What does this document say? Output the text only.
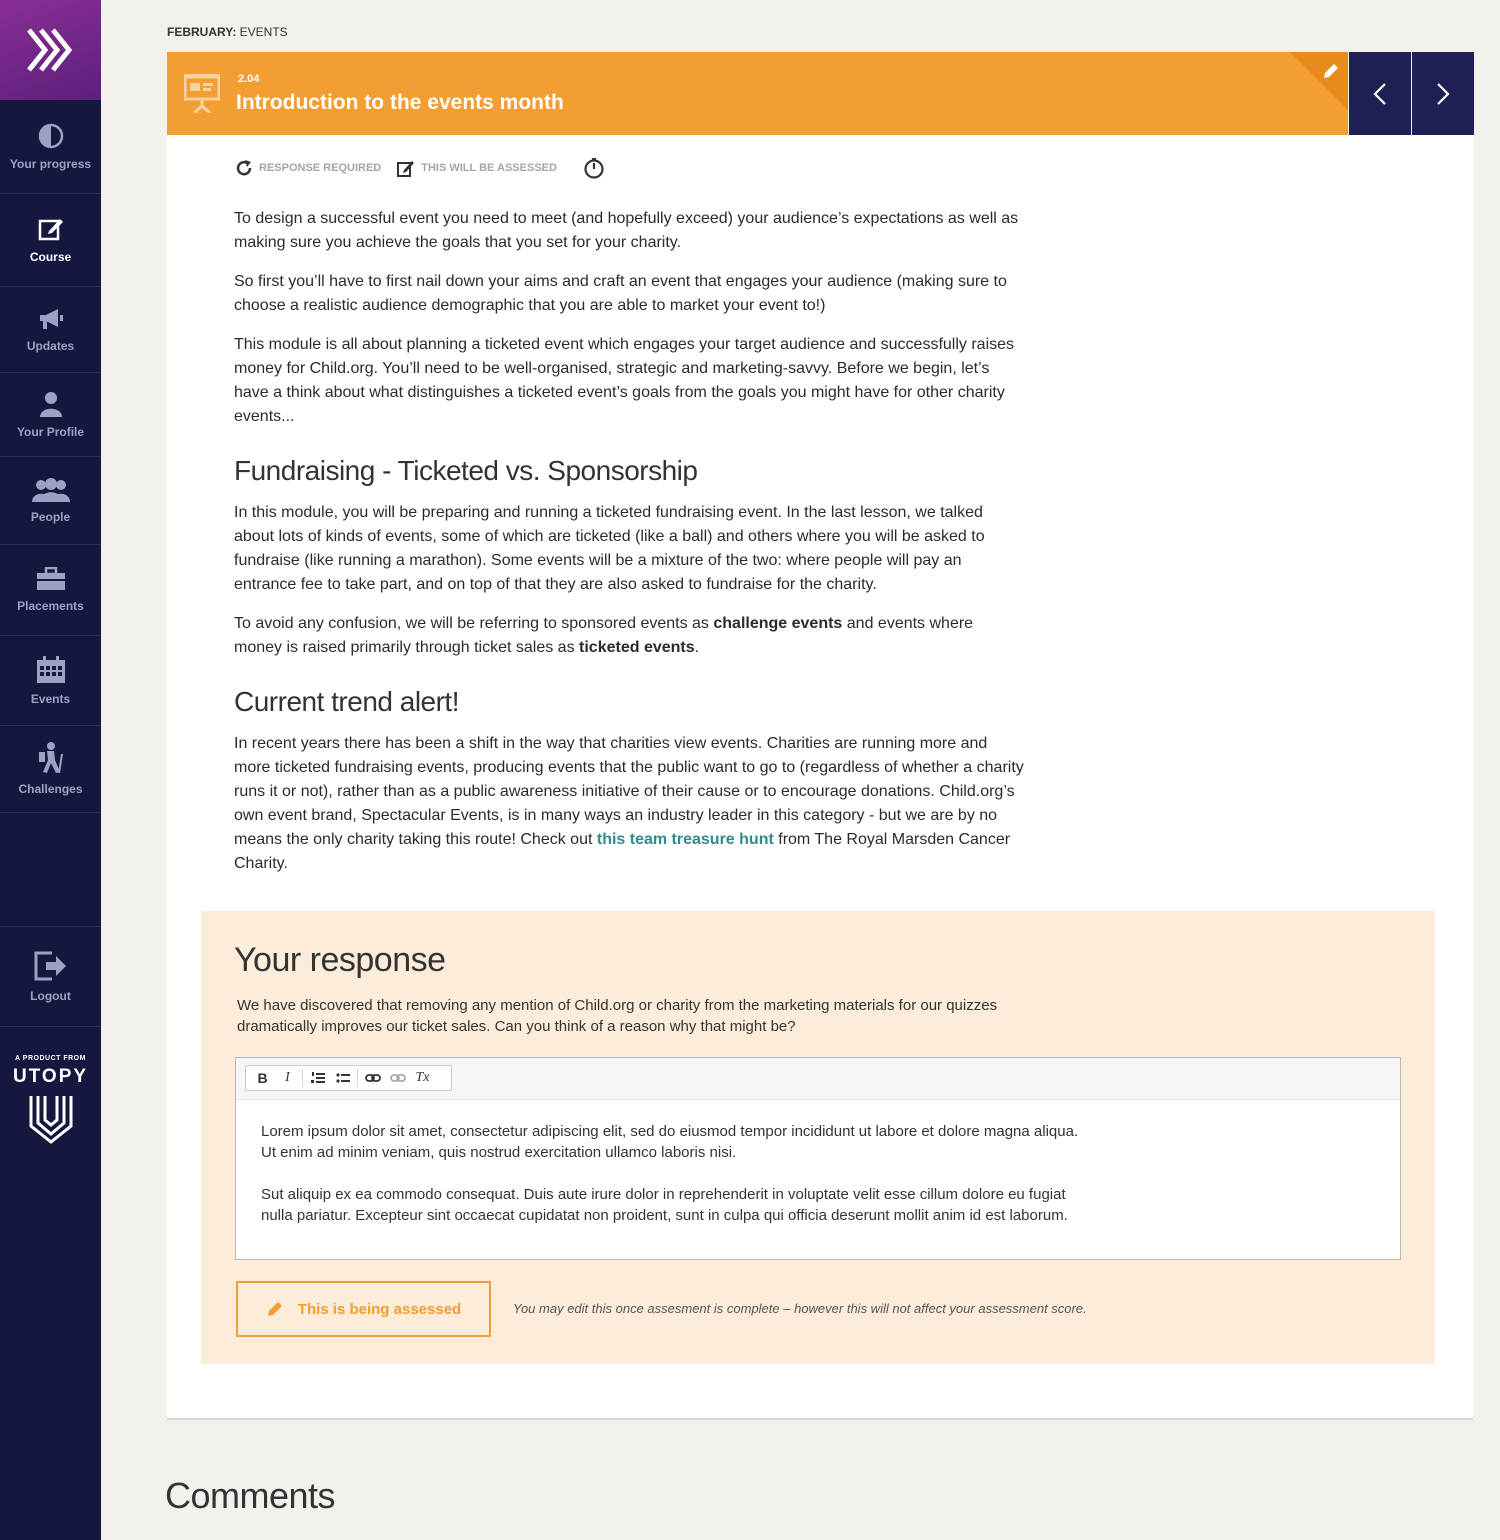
Your progress
Course
Updates
Your Profile
People
Placements
Events
Challenges
Logout
A PRODUCT FROM
UTOPY
FEBRUARY: EVENTS
2.04
Introduction to the events month
RESPONSE REQUIRED	THIS WILL BE ASSESSED

To design a successful event you need to meet (and hopefully exceed) your audience’s expectations as well as making sure you achieve the goals that you set for your charity.

So first you’ll have to first nail down your aims and craft an event that engages your audience (making sure to choose a realistic audience demographic that you are able to market your event to!)

This module is all about planning a ticketed event which engages your target audience and successfully raises money for Child.org. You’ll need to be well-organised, strategic and marketing-savvy. Before we begin, let’s have a think about what distinguishes a ticketed event’s goals from the goals you might have for other charity events...

Fundraising - Ticketed vs. Sponsorship

In this module, you will be preparing and running a ticketed fundraising event. In the last lesson, we talked about lots of kinds of events, some of which are ticketed (like a ball) and others where you will be asked to fundraise (like running a marathon). Some events will be a mixture of the two: where people will pay an entrance fee to take part, and on top of that they are also asked to fundraise for the charity.

To avoid any confusion, we will be referring to sponsored events as challenge events and events where money is raised primarily through ticket sales as ticketed events.

Current trend alert!

In recent years there has been a shift in the way that charities view events. Charities are running more and more ticketed fundraising events, producing events that the public want to go to (regardless of whether a charity runs it or not), rather than as a public awareness initiative of their cause or to encourage donations. Child.org’s own event brand, Spectacular Events, is in many ways an industry leader in this category - but we are by no means the only charity taking this route! Check out this team treasure hunt from The Royal Marsden Cancer Charity.

Your response
We have discovered that removing any mention of Child.org or charity from the marketing materials for our quizzes dramatically improves our ticket sales. Can you think of a reason why that might be?
B	I	Tx

Lorem ipsum dolor sit amet, consectetur adipiscing elit, sed do eiusmod tempor incididunt ut labore et dolore magna aliqua. Ut enim ad minim veniam, quis nostrud exercitation ullamco laboris nisi.

Sut aliquip ex ea commodo consequat. Duis aute irure dolor in reprehenderit in voluptate velit esse cillum dolore eu fugiat nulla pariatur. Excepteur sint occaecat cupidatat non proident, sunt in culpa qui officia deserunt mollit anim id est laborum.

This is being assessed	You may edit this once assesment is complete – however this will not affect your assessment score.
Comments
